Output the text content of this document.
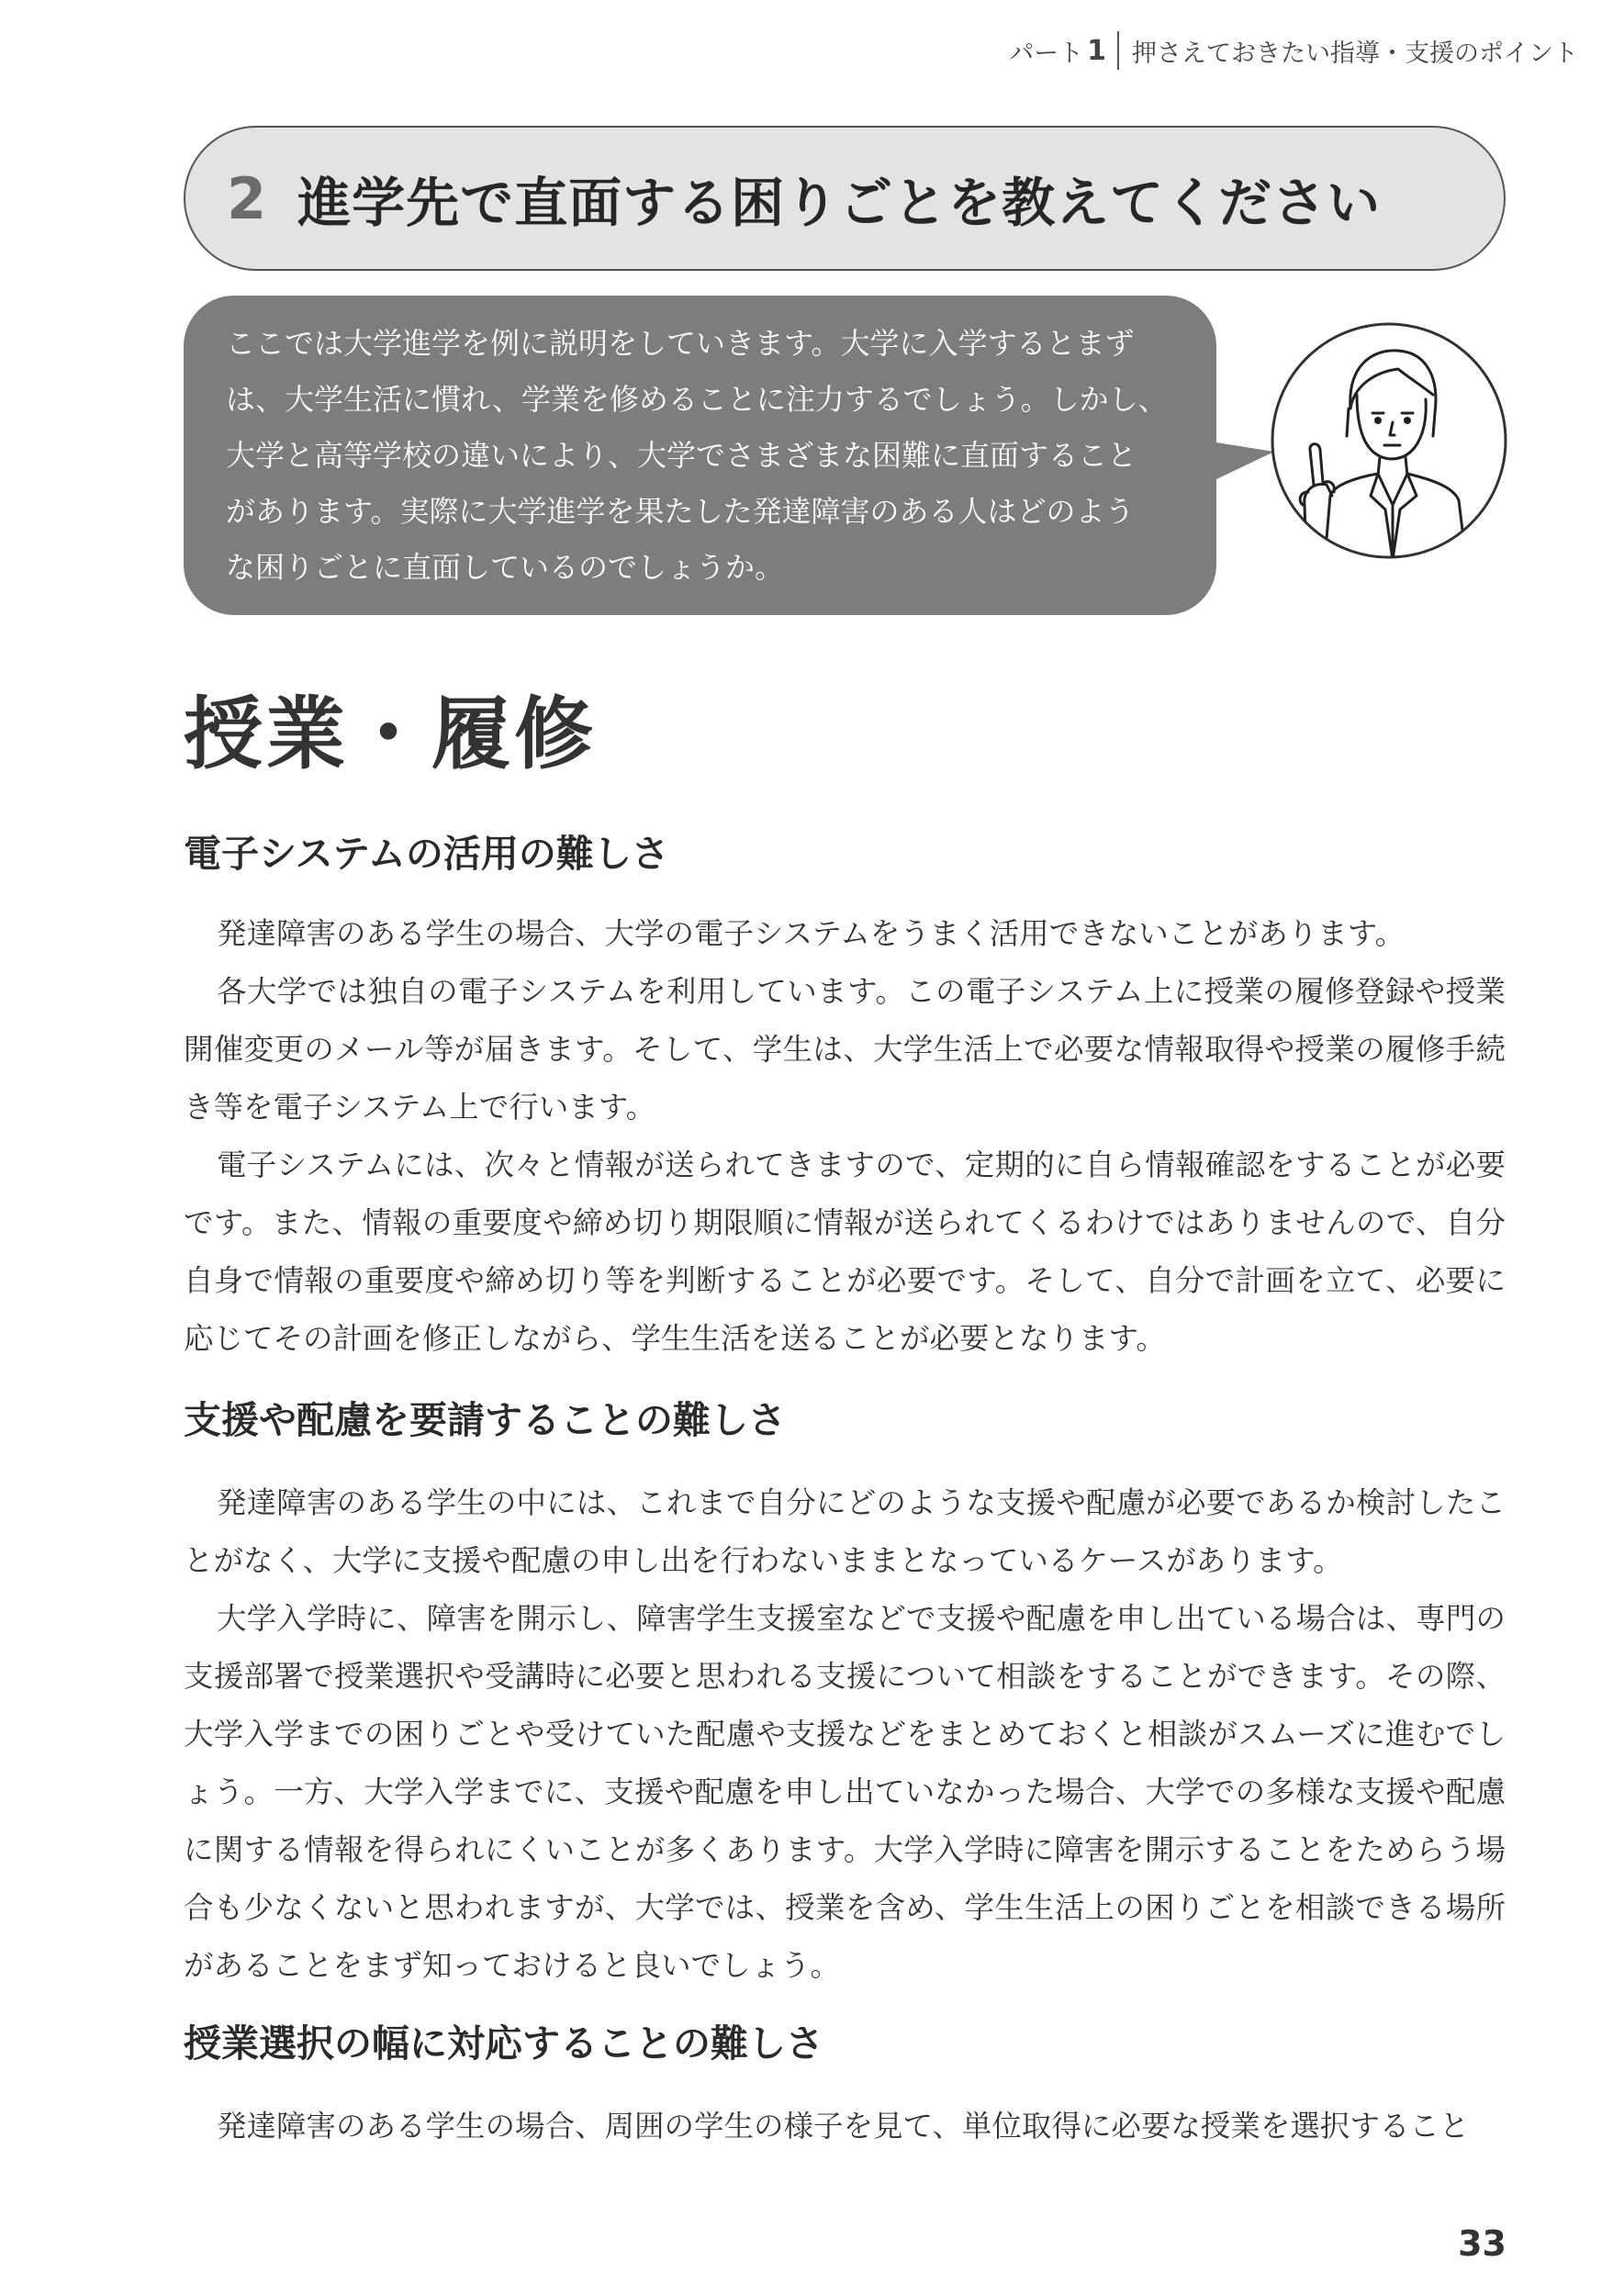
パート 1 押さえておきたい指導・支援のポイント
2 進学先で直面する困りごとを教えてください

ここでは大学進学を例に説明をしていきます。大学に入学するとまず

は、大学生活に慣れ、学業を修めることに注力するでしょう。しかし、

大学と高等学校の違いにより、大学でさまざまな困難に直面すること

があります。実際に大学進学を果たした発達障害のある人はどのよう

な困りごとに直面しているのでしょうか。

授業・履修
電子システムの活用の難しさ

発達障害のある学生の場合、大学の電子システムをうまく活用できないことがあります。

各大学では独自の電子システムを利用しています。この電子システム上に授業の履修登録や授業開催変更のメール等が届きます。そして、学生は、大学生活上で必要な情報取得や授業の履修手続き等を電子システム上で行います。

電子システムには、次々と情報が送られてきますので、定期的に自ら情報確認をすることが必要です。また、情報の重要度や締め切り期限順に情報が送られてくるわけではありませんので、自分自身で情報の重要度や締め切り等を判断することが必要です。そして、自分で計画を立て、必要に応じてその計画を修正しながら、学生生活を送ることが必要となります。

支援や配慮を要請することの難しさ

発達障害のある学生の中には、これまで自分にどのような支援や配慮が必要であるか検討したことがなく、大学に支援や配慮の申し出を行わないままとなっているケースがあります。

大学入学時に、障害を開示し、障害学生支援室などで支援や配慮を申し出ている場合は、専門の支援部署で授業選択や受講時に必要と思われる支援について相談をすることができます。その際、大学入学までの困りごとや受けていた配慮や支援などをまとめておくと相談がスムーズに進むでしょう。一方、大学入学までに、支援や配慮を申し出ていなかった場合、大学での多様な支援や配慮に関する情報を得られにくいことが多くあります。大学入学時に障害を開示することをためらう場合も少なくないと思われますが、大学では、授業を含め、学生生活上の困りごとを相談できる場所があることをまず知っておけると良いでしょう。

授業選択の幅に対応することの難しさ

発達障害のある学生の場合、周囲の学生の様子を見て、単位取得に必要な授業を選択すること

33
